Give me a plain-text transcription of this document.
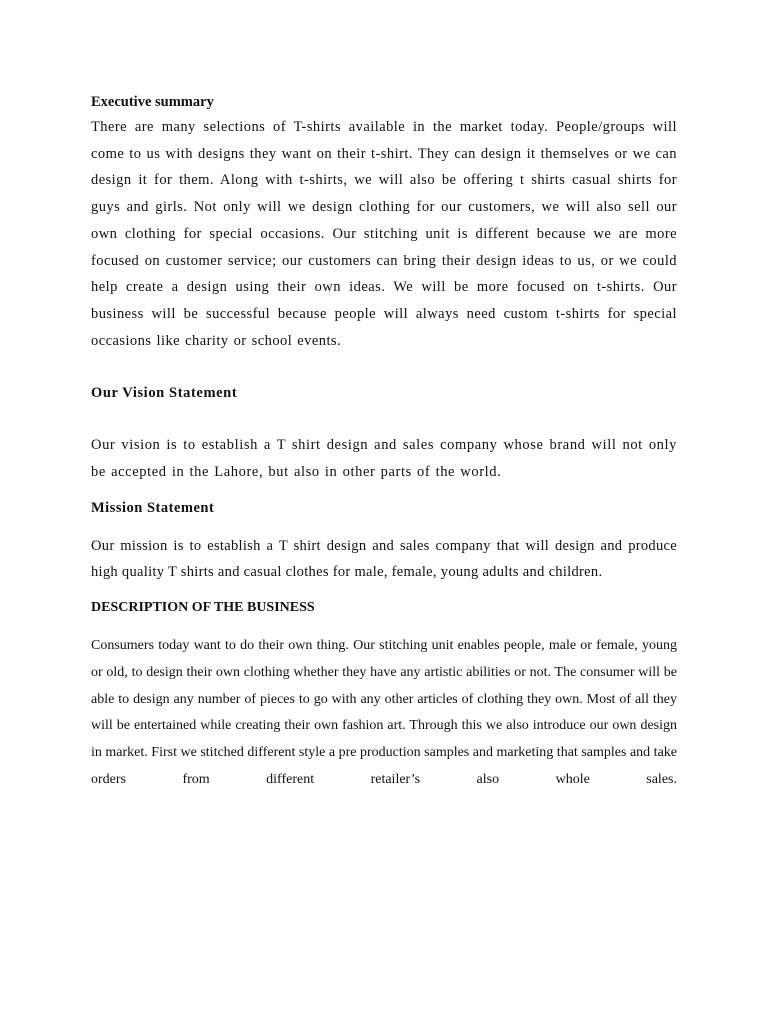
Executive summary

There are many selections of T-shirts available in the market today. People/groups will come to us with designs they want on their t-shirt. They can design it themselves or we can design it for them. Along with t-shirts, we will also be offering t shirts casual shirts for guys and girls. Not only will we design clothing for our customers, we will also sell our own clothing for special occasions. Our stitching unit is different because we are more focused on customer service; our customers can bring their design ideas to us, or we could help create a design using their own ideas. We will be more focused on t-shirts. Our business will be successful because people will always need custom t-shirts for special occasions like charity or school events.

Our Vision Statement

Our vision is to establish a T shirt design and sales company whose brand will not only be accepted in the Lahore, but also in other parts of the world.

Mission Statement

Our mission is to establish a T shirt design and sales company that will design and produce high quality T shirts and casual clothes for male, female, young adults and children.

DESCRIPTION OF THE BUSINESS

Consumers today want to do their own thing. Our stitching unit enables people, male or female, young or old, to design their own clothing whether they have any artistic abilities or not. The consumer will be able to design any number of pieces to go with any other articles of clothing they own. Most of all they will be entertained while creating their own fashion art. Through this we also introduce our own design in market. First we stitched different style a pre production samples and marketing that samples and take orders from different retailer’s also whole sales.
